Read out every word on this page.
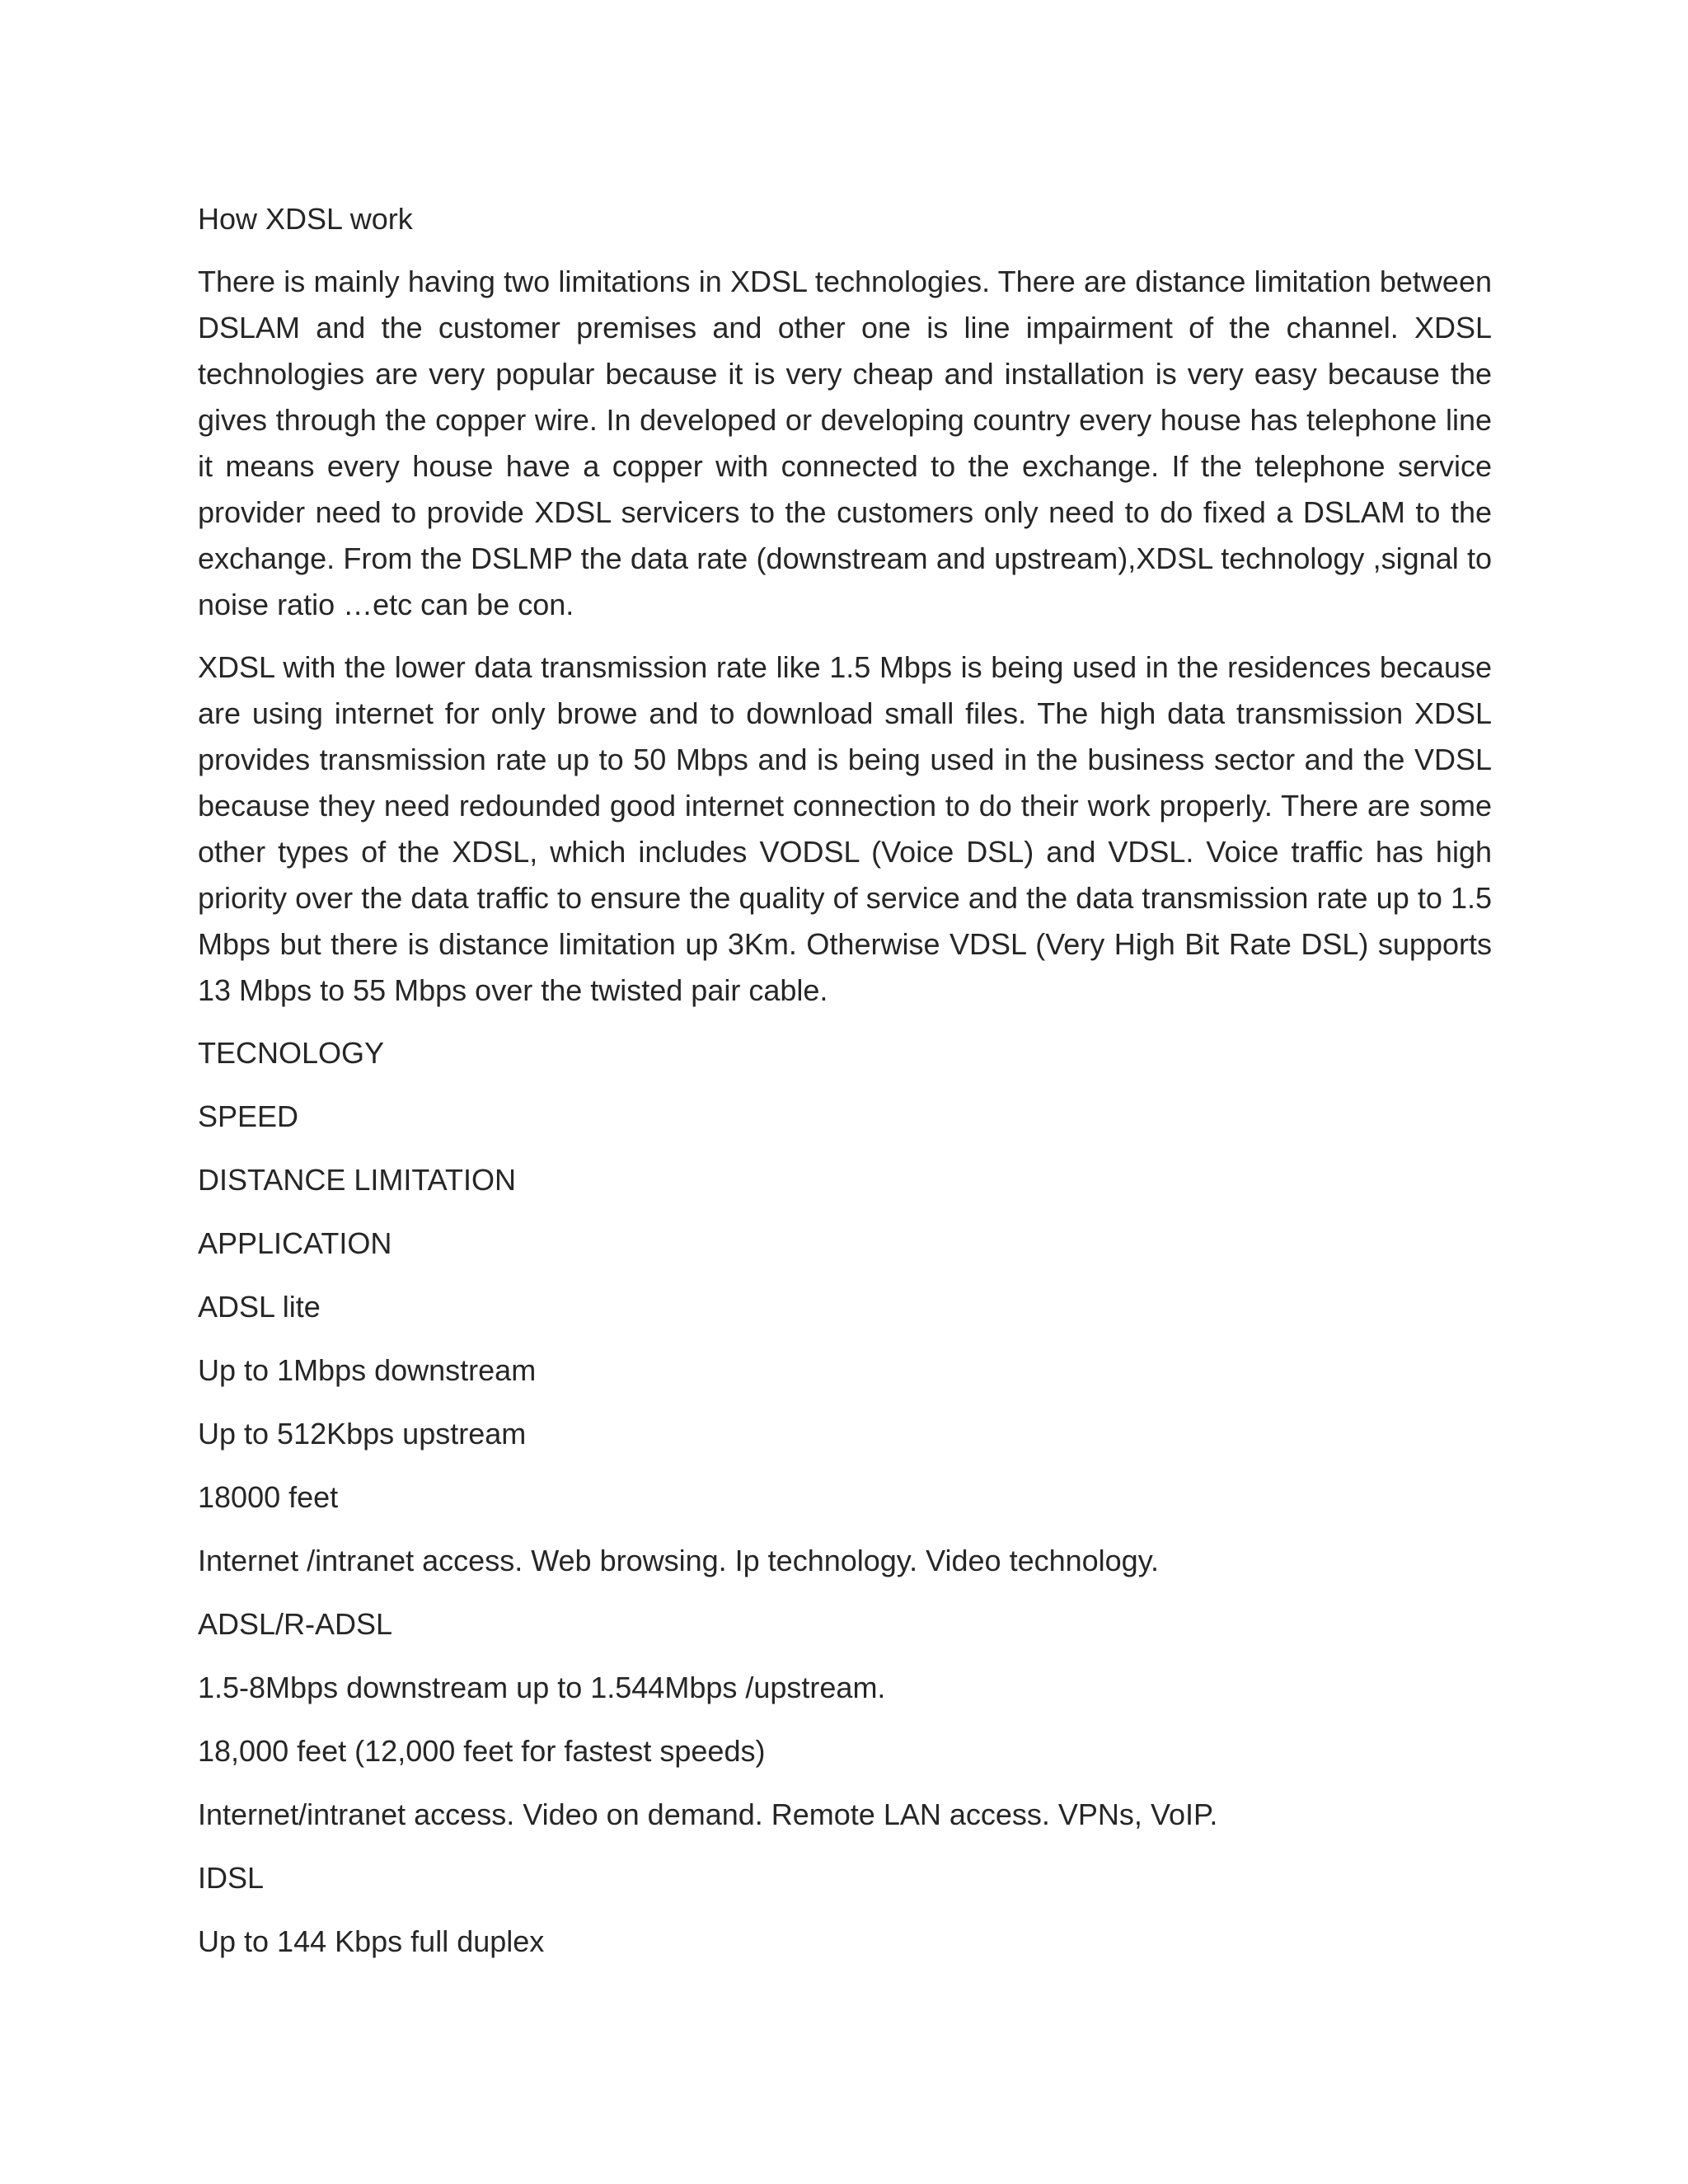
How XDSL work

There is mainly having two limitations in XDSL technologies. There are distance limitation between DSLAM and the customer premises and other one is line impairment of the channel. XDSL technologies are very popular because it is very cheap and installation is very easy because the gives through the copper wire. In developed or developing country every house has telephone line it means every house have a copper with connected to the exchange. If the telephone service provider need to provide XDSL servicers to the customers only need to do fixed a DSLAM to the exchange. From the DSLMP the data rate (downstream and upstream),XDSL technology ,signal to noise ratio …etc can be con.

XDSL with the lower data transmission rate like 1.5 Mbps is being used in the residences because are using internet for only browe and to download small files. The high data transmission XDSL provides transmission rate up to 50 Mbps and is being used in the business sector and the VDSL because they need redounded good internet connection to do their work properly. There are some other types of the XDSL, which includes VODSL (Voice DSL) and VDSL. Voice traffic has high priority over the data traffic to ensure the quality of service and the data transmission rate up to 1.5 Mbps but there is distance limitation up 3Km. Otherwise VDSL (Very High Bit Rate DSL) supports 13 Mbps to 55 Mbps over the twisted pair cable.

TECNOLOGY
SPEED
DISTANCE LIMITATION
APPLICATION
ADSL lite
Up to 1Mbps downstream
Up to 512Kbps upstream
18000 feet
Internet /intranet access. Web browsing. Ip technology. Video technology.
ADSL/R-ADSL
1.5-8Mbps downstream up to 1.544Mbps /upstream.
18,000 feet (12,000 feet for fastest speeds)
Internet/intranet access. Video on demand. Remote LAN access. VPNs, VoIP.
IDSL
Up to 144 Kbps full duplex
